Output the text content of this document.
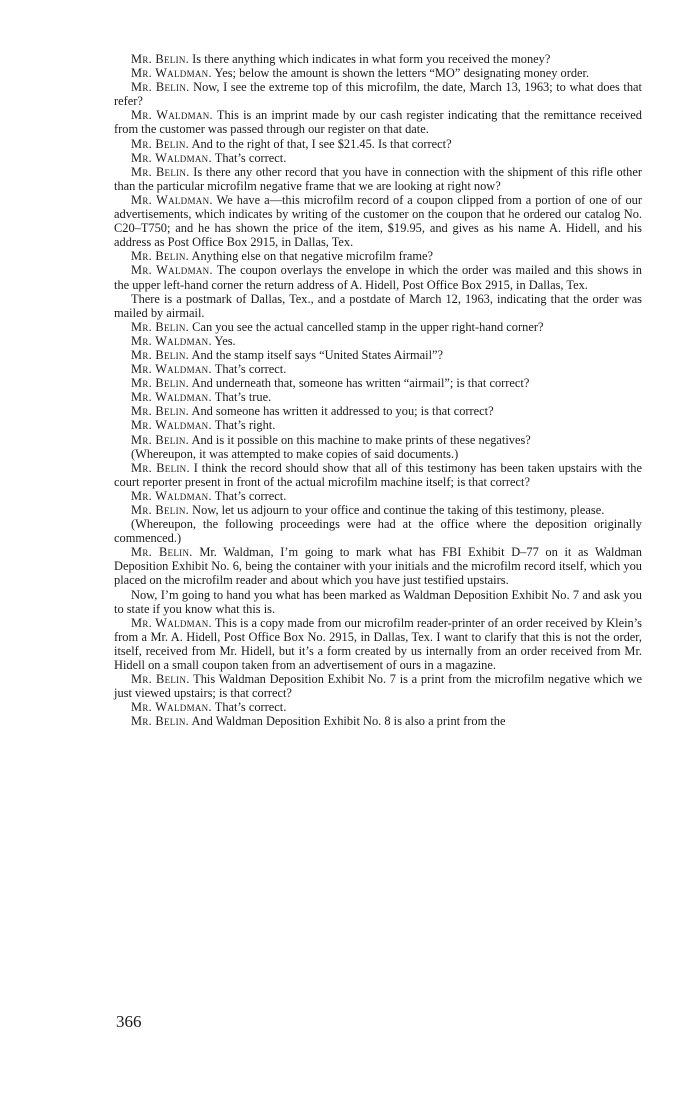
Mr. Belin. Is there anything which indicates in what form you received the money?

Mr. Waldman. Yes; below the amount is shown the letters “MO” designating money order.

Mr. Belin. Now, I see the extreme top of this microfilm, the date, March 13, 1963; to what does that refer?

Mr. Waldman. This is an imprint made by our cash register indicating that the remittance received from the customer was passed through our register on that date.

Mr. Belin. And to the right of that, I see $21.45. Is that correct?

Mr. Waldman. That’s correct.

Mr. Belin. Is there any other record that you have in connection with the shipment of this rifle other than the particular microfilm negative frame that we are looking at right now?

Mr. Waldman. We have a—this microfilm record of a coupon clipped from a portion of one of our advertisements, which indicates by writing of the customer on the coupon that he ordered our catalog No. C20–T750; and he has shown the price of the item, $19.95, and gives as his name A. Hidell, and his address as Post Office Box 2915, in Dallas, Tex.

Mr. Belin. Anything else on that negative microfilm frame?

Mr. Waldman. The coupon overlays the envelope in which the order was mailed and this shows in the upper left-hand corner the return address of A. Hidell, Post Office Box 2915, in Dallas, Tex.

There is a postmark of Dallas, Tex., and a postdate of March 12, 1963, indicating that the order was mailed by airmail.

Mr. Belin. Can you see the actual cancelled stamp in the upper right-hand corner?

Mr. Waldman. Yes.

Mr. Belin. And the stamp itself says “United States Airmail”?

Mr. Waldman. That’s correct.

Mr. Belin. And underneath that, someone has written “airmail”; is that correct?

Mr. Waldman. That’s true.

Mr. Belin. And someone has written it addressed to you; is that correct?

Mr. Waldman. That’s right.

Mr. Belin. And is it possible on this machine to make prints of these negatives?

(Whereupon, it was attempted to make copies of said documents.)

Mr. Belin. I think the record should show that all of this testimony has been taken upstairs with the court reporter present in front of the actual microfilm machine itself; is that correct?

Mr. Waldman. That’s correct.

Mr. Belin. Now, let us adjourn to your office and continue the taking of this testimony, please.

(Whereupon, the following proceedings were had at the office where the deposition originally commenced.)

Mr. Belin. Mr. Waldman, I’m going to mark what has FBI Exhibit D–77 on it as Waldman Deposition Exhibit No. 6, being the container with your initials and the microfilm record itself, which you placed on the microfilm reader and about which you have just testified upstairs.

Now, I’m going to hand you what has been marked as Waldman Deposition Exhibit No. 7 and ask you to state if you know what this is.

Mr. Waldman. This is a copy made from our microfilm reader-printer of an order received by Klein’s from a Mr. A. Hidell, Post Office Box No. 2915, in Dallas, Tex. I want to clarify that this is not the order, itself, received from Mr. Hidell, but it’s a form created by us internally from an order received from Mr. Hidell on a small coupon taken from an advertisement of ours in a magazine.

Mr. Belin. This Waldman Deposition Exhibit No. 7 is a print from the microfilm negative which we just viewed upstairs; is that correct?

Mr. Waldman. That’s correct.

Mr. Belin. And Waldman Deposition Exhibit No. 8 is also a print from the

366
